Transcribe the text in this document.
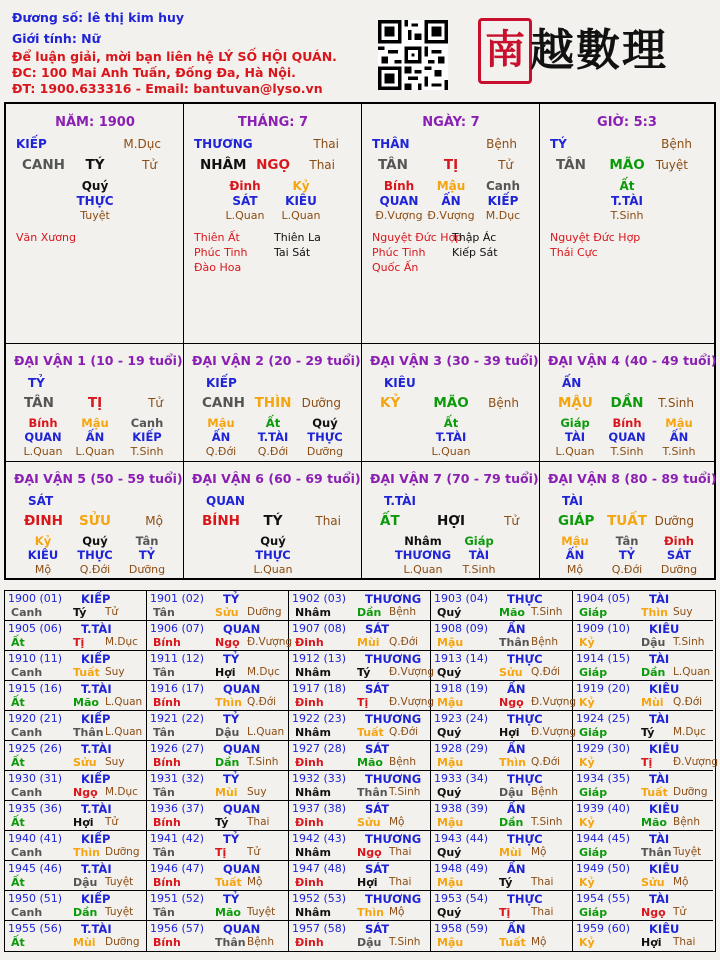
Đương số: lê thị kim huy
Giới tính: Nữ
Để luận giải, mời bạn liên hệ LÝ SỐ HỘI QUÁN.
ĐC: 100 Mai Anh Tuấn, Đống Đa, Hà Nội.
ĐT: 1900.633316 - Email: bantuvan@lyso.vn
南 越數理
NĂM: 1900
KIẾP	M.Dục
CANH	TÝ	Tử
Quý
THỰC
Tuyệt
Văn Xương
THÁNG: 7
THƯƠNG	Thai
NHÂM NGỌ	Thai
Đinh
SÁT
L.Quan
Kỷ
KIÊU
L.Quan
Thiên Ất	Thiên La
Phúc Tinh Tai Sát
Đào Hoa
NGÀY: 7
THÂN	Bệnh
TÂN	TỊ	Tử
Bính
QUAN
Đ.Vượng
Mậu
ẤN
Đ.Vượng
Canh
KIẾP
M.Dục
Nguyệt Đức Hợp
Thập Ác
Phúc Tinh Kiếp Sát
Quốc Ấn
GIỜ: 5:3
TÝ	Bệnh
TÂN	MÃO Tuyệt
Ất
T.TÀI
T.Sinh
Nguyệt Đức Hợp
Thái Cực
ĐẠI VẬN 1 (10 - 19 tuổi)
TỶ
TÂN	TỊ	Tử
Bính
QUAN
L.Quan
Mậu
ẤN
L.Quan
Canh
KIẾP
T.Sinh
ĐẠI VẬN 2 (20 - 29 tuổi)
KIẾP
CANH THÌN Dưỡng
Mậu
ẤN
Q.Đới
Ất
T.TÀI
Q.Đới
Quý
THỰC
Dưỡng
ĐẠI VẬN 3 (30 - 39 tuổi)
KIÊU
KỶ	MÃO	Bệnh
Ất
T.TÀI
L.Quan
ĐẠI VẬN 4 (40 - 49 tuổi)
ẤN
MẬU	DẦN	T.Sinh
Giáp
TÀI
L.Quan
Bính
QUAN
T.Sinh
Mậu
ẤN
T.Sinh
ĐẠI VẬN 5 (50 - 59 tuổi)
SÁT
ĐINH	SỬU	Mộ
Kỷ
KIÊU
Mộ
Quý
THỰC
Q.Đới
Tân
TỶ
Dưỡng
ĐẠI VẬN 6 (60 - 69 tuổi)
QUAN
BÍNH	TÝ	Thai
Quý
THỰC
L.Quan
ĐẠI VẬN 7 (70 - 79 tuổi)
T.TÀI
ẤT	HỢI	Tử
Nhâm
THƯƠNG
L.Quan
Giáp
TÀI
T.Sinh
ĐẠI VẬN 8 (80 - 89 tuổi)
TÀI
GIÁP TUẤT Dưỡng
Mậu
ẤN
Mộ
Tân
TỶ
Q.Đới
Đinh
SÁT
Dưỡng
1900 (01) KIẾP
Canh	Tý Tử
1901 (02) TỶ
Tân	Sửu Dưỡng
1902 (03) THƯƠNG
Nhâm Dần Bệnh
1903 (04) THỰC
Quý	Mão T.Sinh
1904 (05) TÀI
Giáp	Thìn Suy
1905 (06) T.TÀI
Ất	Tị M.Dục
1906 (07) QUAN
Bính	Ngọ Đ.Vượng
1907 (08) SÁT
Đinh	Mùi Q.Đới
1908 (09) ẤN
Mậu	Thân Bệnh
1909 (10) KIÊU
Kỷ	Dậu T.Sinh
1910 (11) KIẾP
Canh	Tuất Suy
1911 (12) TỶ
Tân	Hợi M.Dục
1912 (13) THƯƠNG
Nhâm Tý Đ.Vượng
1913 (14) THỰC
Quý	Sửu Q.Đới
1914 (15) TÀI
Giáp	Dần L.Quan
1915 (16) T.TÀI
Ất	Mão L.Quan
1916 (17) QUAN
Bính	Thìn Q.Đới
1917 (18) SÁT
Đinh	Tị Đ.Vượng
1918 (19) ẤN
Mậu	Ngọ Đ.Vượng
1919 (20) KIÊU
Kỷ	Mùi Q.Đới
1920 (21) KIẾP
Canh	Thân L.Quan
1921 (22) TỶ
Tân	Dậu L.Quan
1922 (23) THƯƠNG
Nhâm Tuất Q.Đới
1923 (24) THỰC
Quý	Hợi Đ.Vượng
1924 (25) TÀI
Giáp	Tý M.Dục
1925 (26) T.TÀI
Ất	Sửu Suy
1926 (27) QUAN
Bính	Dần T.Sinh
1927 (28) SÁT
Đinh	Mão Bệnh
1928 (29) ẤN
Mậu	Thìn Q.Đới
1929 (30) KIÊU
Kỷ	Tị Đ.Vượng
1930 (31) KIẾP
Canh	Ngọ M.Dục
1931 (32) TỶ
Tân	Mùi Suy
1932 (33) THƯƠNG
Nhâm Thân T.Sinh
1933 (34) THỰC
Quý	Dậu Bệnh
1934 (35) TÀI
Giáp	Tuất Dưỡng
1935 (36) T.TÀI
Ất	Hợi Tử
1936 (37) QUAN
Bính	Tý Thai
1937 (38) SÁT
Đinh	Sửu Mộ
1938 (39) ẤN
Mậu	Dần T.Sinh
1939 (40) KIÊU
Kỷ	Mão Bệnh
1940 (41) KIẾP
Canh	Thìn Dưỡng
1941 (42) TỶ
Tân	Tị Tử
1942 (43) THƯƠNG
Nhâm Ngọ Thai
1943 (44) THỰC
Quý	Mùi Mộ
1944 (45) TÀI
Giáp	Thân Tuyệt
1945 (46) T.TÀI
Ất	Dậu Tuyệt
1946 (47) QUAN
Bính	Tuất Mộ
1947 (48) SÁT
Đinh	Hợi Thai
1948 (49) ẤN
Mậu	Tý Thai
1949 (50) KIÊU
Kỷ	Sửu Mộ
1950 (51) KIẾP
Canh	Dần Tuyệt
1951 (52) TỶ
Tân	Mão Tuyệt
1952 (53) THƯƠNG
Nhâm Thìn Mộ
1953 (54) THỰC
Quý	Tị Thai
1954 (55) TÀI
Giáp	Ngọ Tử
1955 (56) T.TÀI
Ất	Mùi Dưỡng
1956 (57) QUAN
Bính	Thân Bệnh
1957 (58) SÁT
Đinh	Dậu T.Sinh
1958 (59) ẤN
Mậu	Tuất Mộ
1959 (60) KIÊU
Kỷ	Hợi Thai
